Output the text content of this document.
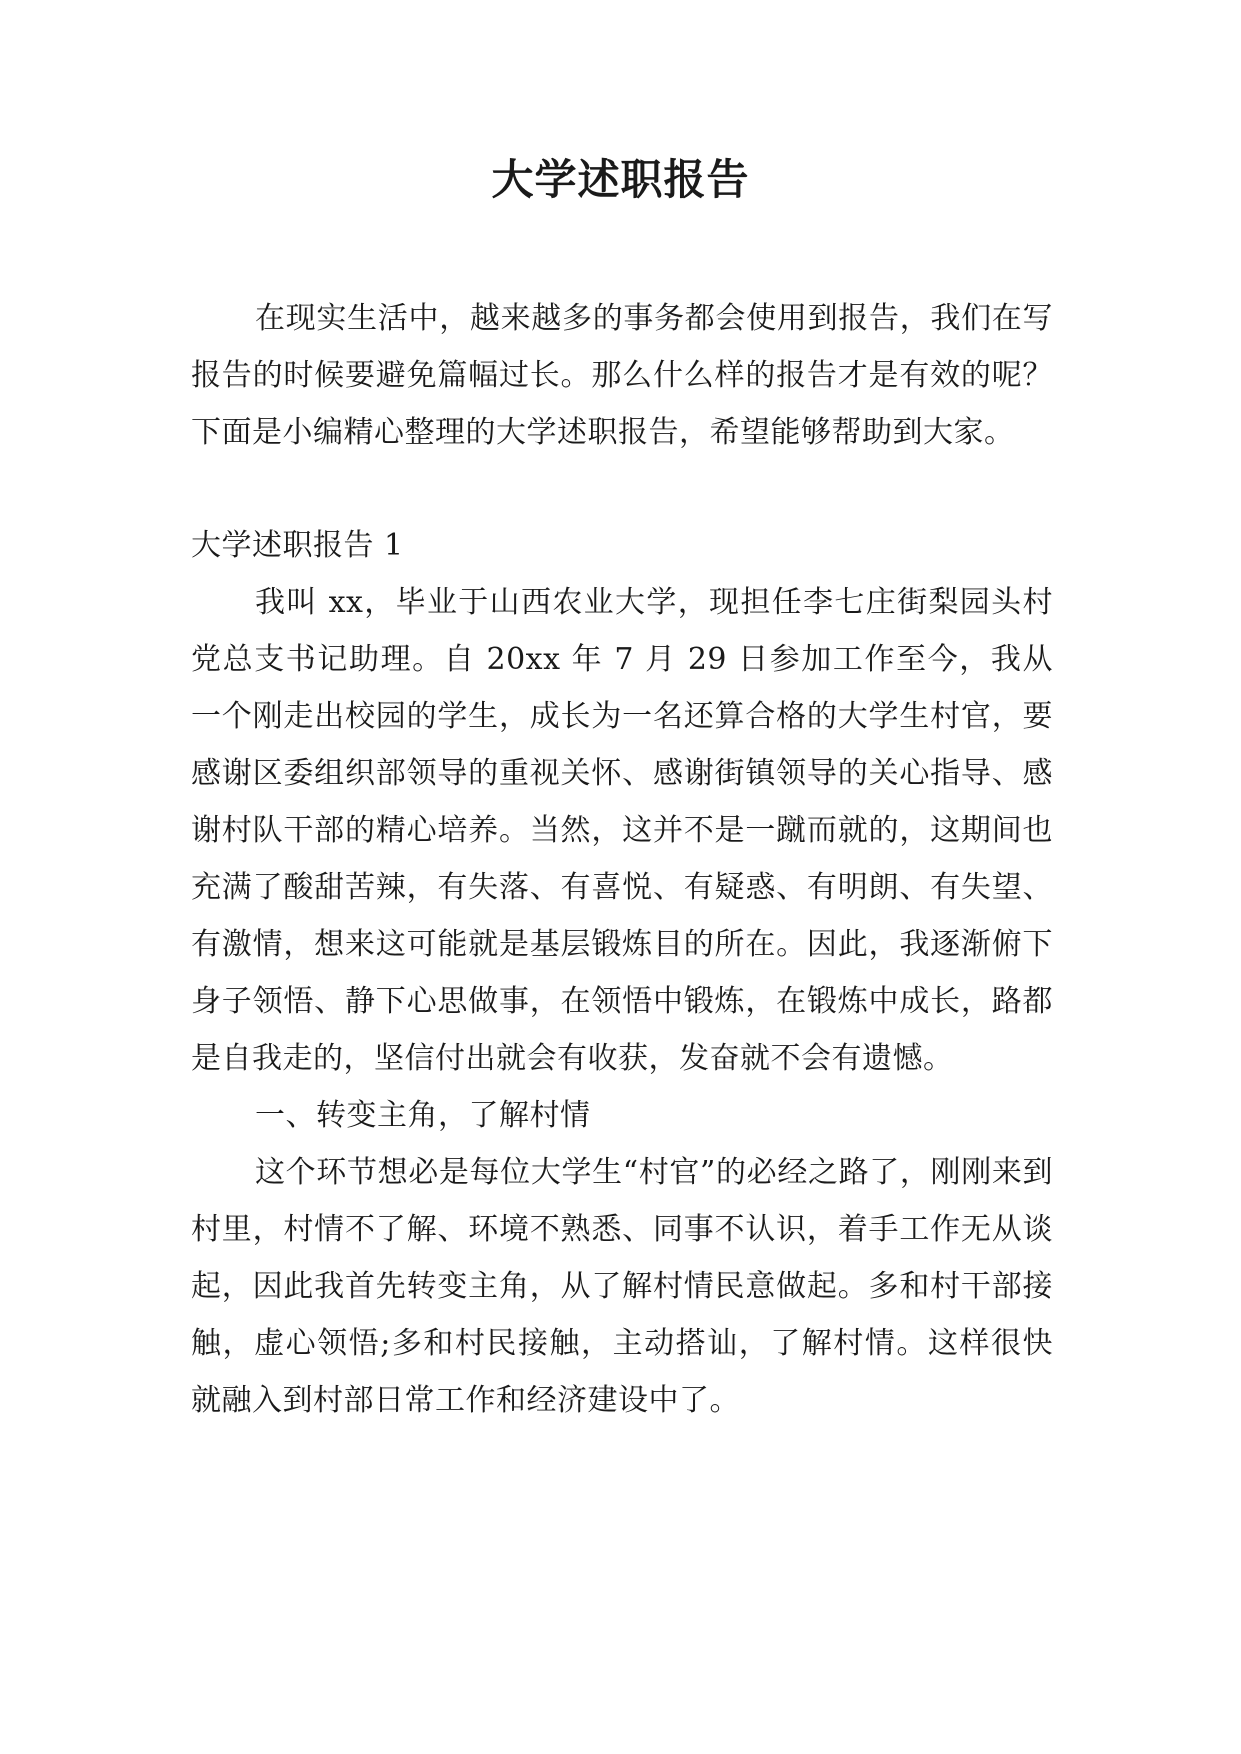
大学述职报告

在现实生活中，越来越多的事务都会使用到报告，我们在写报告的时候要避免篇幅过长。那么什么样的报告才是有效的呢？下面是小编精心整理的大学述职报告，希望能够帮助到大家。

大学述职报告 1

我叫 xx，毕业于山西农业大学，现担任李七庄街梨园头村党总支书记助理。自 20xx 年 7 月 29 日参加工作至今，我从一个刚走出校园的学生，成长为一名还算合格的大学生村官，要感谢区委组织部领导的重视关怀、感谢街镇领导的关心指导、感谢村队干部的精心培养。当然，这并不是一蹴而就的，这期间也充满了酸甜苦辣，有失落、有喜悦、有疑惑、有明朗、有失望、有激情，想来这可能就是基层锻炼目的所在。因此，我逐渐俯下身子领悟、静下心思做事，在领悟中锻炼，在锻炼中成长，路都是自我走的，坚信付出就会有收获，发奋就不会有遗憾。

一、转变主角，了解村情

这个环节想必是每位大学生“村官”的必经之路了，刚刚来到村里，村情不了解、环境不熟悉、同事不认识，着手工作无从谈起，因此我首先转变主角，从了解村情民意做起。多和村干部接触，虚心领悟;多和村民接触，主动搭讪，了解村情。这样很快就融入到村部日常工作和经济建设中了。
